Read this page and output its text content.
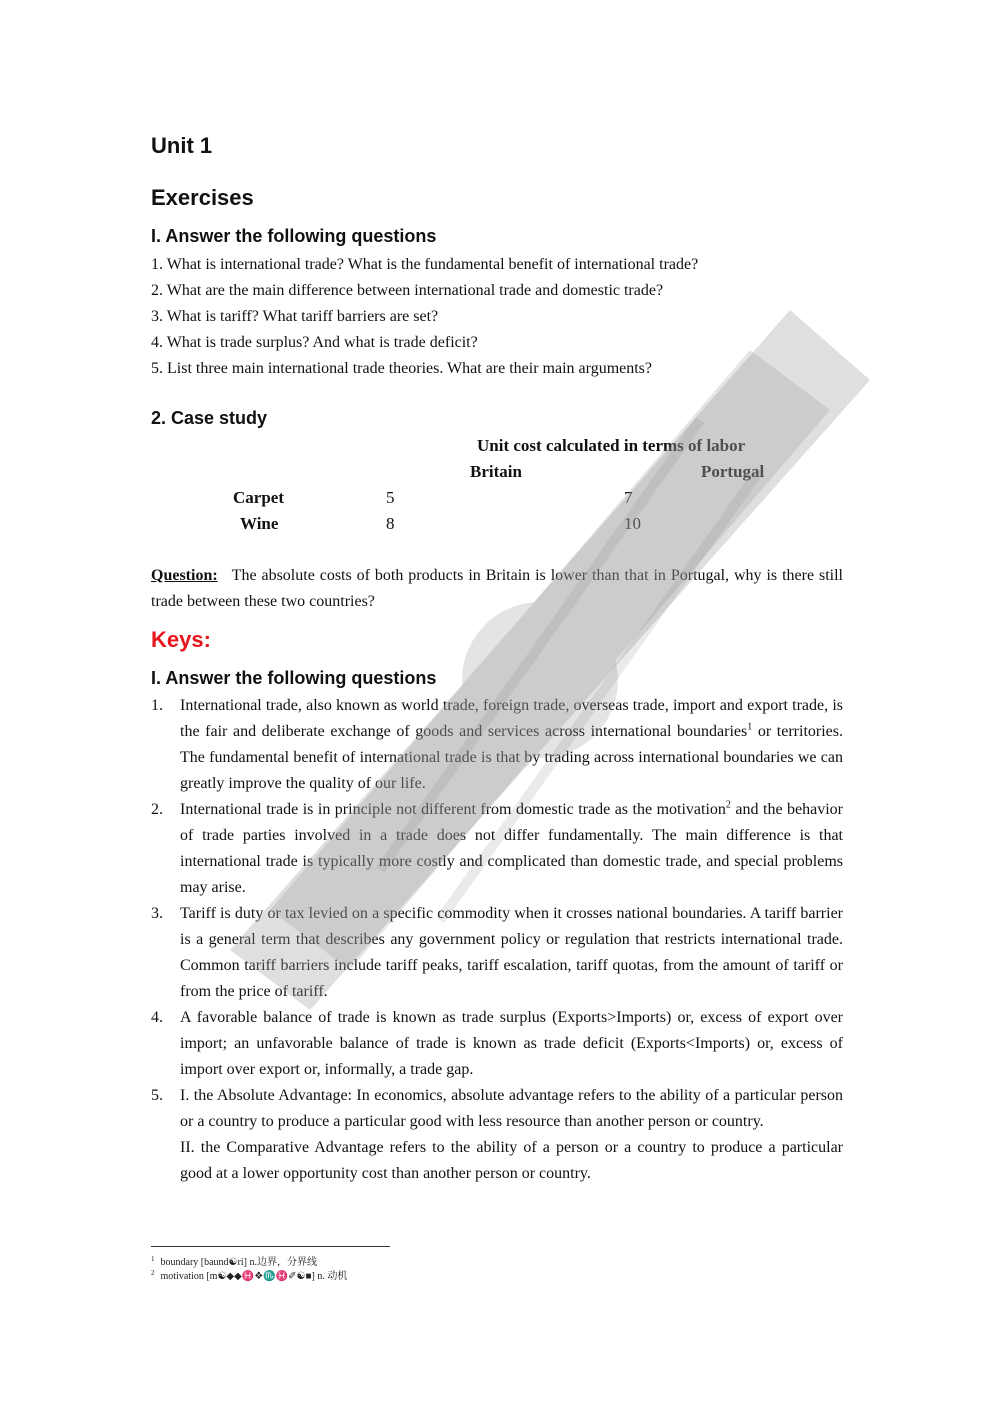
Unit 1
Exercises
I. Answer the following questions
1. What is international trade? What is the fundamental benefit of international trade?
2. What are the main difference between international trade and domestic trade?
3. What is tariff? What tariff barriers are set?
4. What is trade surplus? And what is trade deficit?
5. List three main international trade theories. What are their main arguments?
2. Case study
Unit cost calculated in terms of labor
Britain	Portugal
Carpet	5	7
Wine	8	10
Question: The absolute costs of both products in Britain is lower than that in Portugal, why is there still trade between these two countries?
Keys:
I. Answer the following questions
1. International trade, also known as world trade, foreign trade, overseas trade, import and export trade, is the fair and deliberate exchange of goods and services across international boundaries$^1$ or territories. The fundamental benefit of international trade is that by trading across international boundaries we can greatly improve the quality of our life.

2. International trade is in principle not different from domestic trade as the motivation$^2$ and the behavior of trade parties involved in a trade does not differ fundamentally. The main difference is that international trade is typically more costly and complicated than domestic trade, and special problems may arise.

3. Tariff is duty or tax levied on a specific commodity when it crosses national boundaries. A tariff barrier is a general term that describes any government policy or regulation that restricts international trade. Common tariff barriers include tariff peaks, tariff escalation, tariff quotas, from the amount of tariff or from the price of tariff.

4. A favorable balance of trade is known as trade surplus (Exports>Imports) or, excess of export over import; an unfavorable balance of trade is known as trade deficit (Exports<Imports) or, excess of import over export or, informally, a trade gap.

5. I. the Absolute Advantage: In economics, absolute advantage refers to the ability of a particular person or a country to produce a particular good with less resource than another person or country.

II. the Comparative Advantage refers to the ability of a person or a country to produce a particular good at a lower opportunity cost than another person or country.

$^1$ boundary [baund☯ri] n.边界，分界线
$^2$ motivation [m☯◆◆♓❖♏♓✐☯■] n. 动机
